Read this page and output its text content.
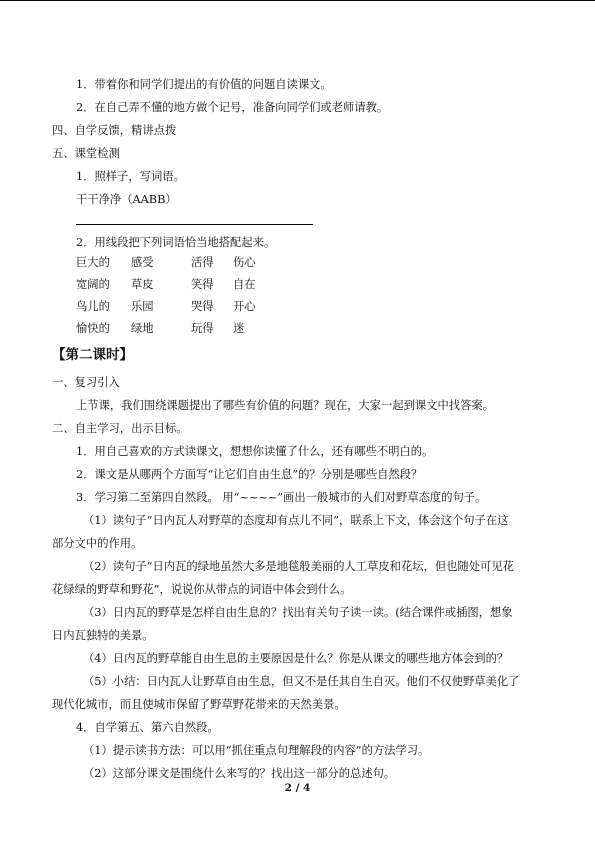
1．带着你和同学们提出的有价值的问题自读课文。
2．在自己弄不懂的地方做个记号，准备向同学们或老师请教。
四、自学反馈，精讲点拨
五、课堂检测
1．照样子，写词语。
干干净净（AABB）
2．用线段把下列词语恰当地搭配起来。
巨大的 感受	活得 伤心
宽阔的 草皮	笑得 自在
鸟儿的 乐园	哭得 开心
愉快的 绿地	玩得 迷
【第二课时】
一、复习引入
上节课，我们围绕课题提出了哪些有价值的问题？现在，大家一起到课文中找答案。
二、自主学习，出示目标。
1．用自己喜欢的方式读课文，想想你读懂了什么，还有哪些不明白的。
2．课文是从哪两个方面写“让它们自由生息”的？分别是哪些自然段？
3．学习第二至第四自然段。 用“~~~~”画出一般城市的人们对野草态度的句子。
（1）读句子“日内瓦人对野草的态度却有点儿不同”，联系上下文，体会这个句子在这
部分文中的作用。
（2）读句子“日内瓦的绿地虽然大多是地毯般美丽的人工草皮和花坛，但也随处可见花
花绿绿的野草和野花”，说说你从带点的词语中体会到什么。
（3）日内瓦的野草是怎样自由生息的？找出有关句子读一读。(结合课件或插图，想象
日内瓦独特的美景。
（4）日内瓦的野草能自由生息的主要原因是什么？你是从课文的哪些地方体会到的？
（5）小结：日内瓦人让野草自由生息，但又不是任其自生自灭。他们不仅使野草美化了
现代化城市，而且使城市保留了野草野花带来的天然美景。
4．自学第五、第六自然段。
（1）提示读书方法：可以用“抓住重点句理解段的内容”的方法学习。
（2）这部分课文是围绕什么来写的？找出这一部分的总述句。
2 / 4
